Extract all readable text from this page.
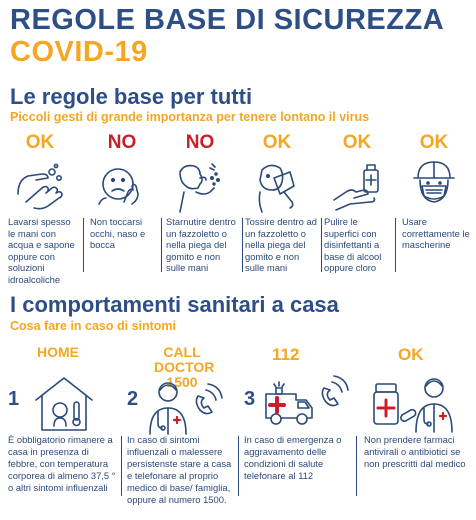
REGOLE BASE DI SICUREZZA
COVID-19
Le regole base per tutti
Piccoli gesti di grande importanza per tenere lontano il virus
OK
Lavarsi spesso le mani con acqua e sapone oppure con soluzioni idroalcoliche
NO
Non toccarsi occhi, naso e bocca
NO
Starnutire dentro un fazzoletto o nella piega del gomito e non sulle mani
OK
Tossire dentro ad un fazzoletto o nella piega del gomito e non sulle mani
OK
Pulire le superfici con disinfettanti a base di alcool oppure cloro
OK
Usare correttamente le mascherine
I comportamenti sanitari a casa
Cosa fare in caso di sintomi
HOME
1
È obbligatorio rimanere a casa in presenza di febbre, con temperatura corporea di almeno 37,5 ° o altri sintomi influenzali
CALL
DOCTOR
1500
2
In caso di sintomi influenzali o malessere persistenste stare a casa e telefonare al proprio medico di base/ famiglia, oppure al numero 1500.
112
3
In caso di emergenza o aggravamento delle condizioni di salute telefonare al 112
OK
Non prendere farmaci antivirali o antibiotici se non prescritti dal medico
